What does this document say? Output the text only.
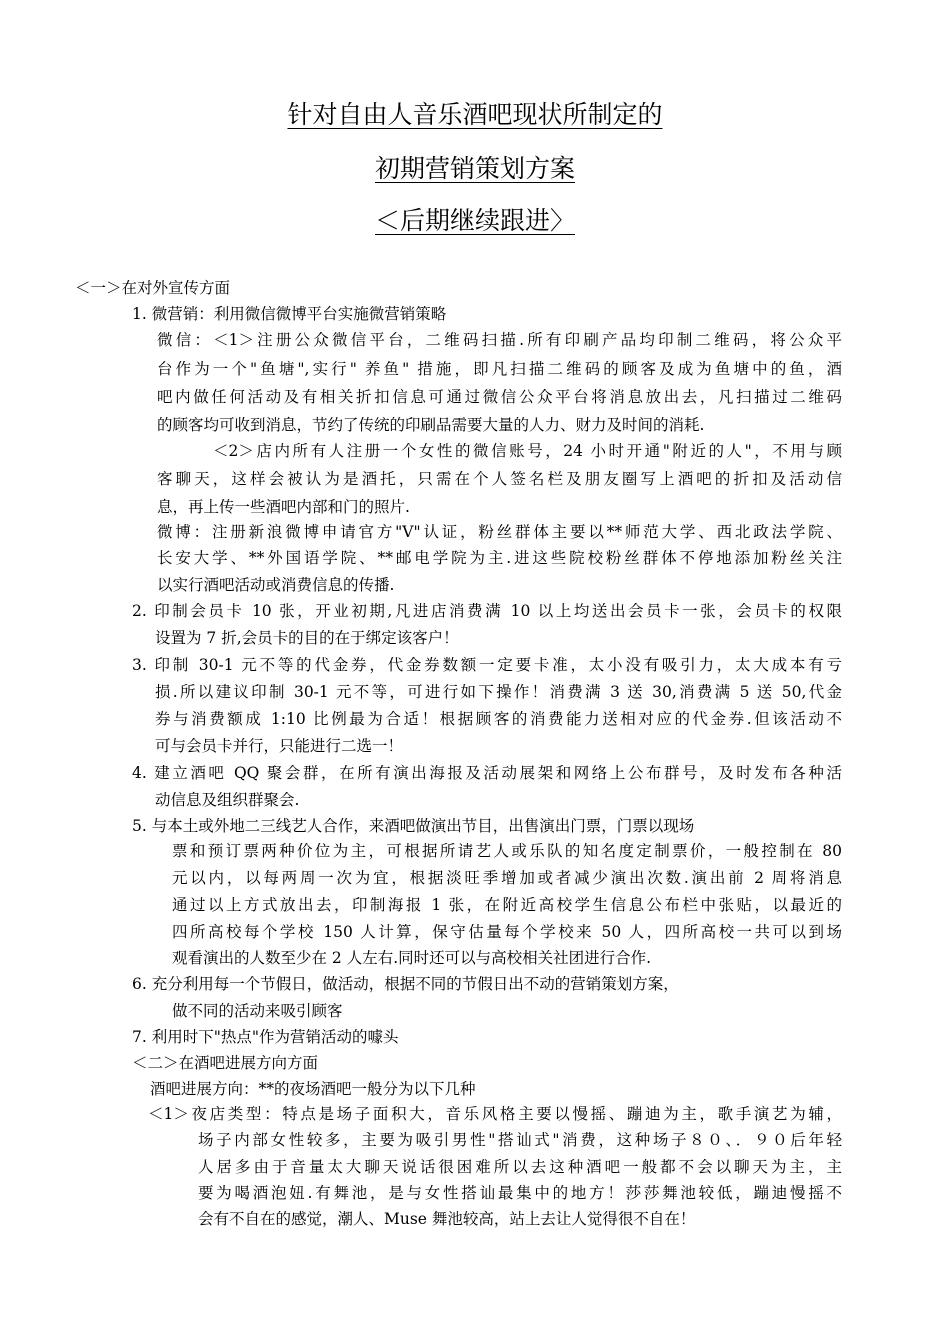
针对自由人音乐酒吧现状所制定的
初期营销策划方案
＜后期继续跟进〉
＜一＞在对外宣传方面
1. 微营销：利用微信微博平台实施微营销策略
微信：＜1＞注册公众微信平台，二维码扫描.所有印刷产品均印制二维码，将公众平
台作为一个"鱼塘",实行" 养鱼" 措施，即凡扫描二维码的顾客及成为鱼塘中的鱼，酒
吧内做任何活动及有相关折扣信息可通过微信公众平台将消息放出去，凡扫描过二维码
的顾客均可收到消息，节约了传统的印刷品需要大量的人力、财力及时间的消耗.
＜2＞店内所有人注册一个女性的微信账号，24 小时开通"附近的人"，不用与顾
客聊天，这样会被认为是酒托，只需在个人签名栏及朋友圈写上酒吧的折扣及活动信
息，再上传一些酒吧内部和门的照片.
微博：注册新浪微博申请官方"V"认证，粉丝群体主要以**师范大学、西北政法学院、
长安大学、**外国语学院、**邮电学院为主.进这些院校粉丝群体不停地添加粉丝关注
以实行酒吧活动或消费信息的传播.
2. 印制会员卡 10 张，开业初期,凡进店消费满 10 以上均送出会员卡一张，会员卡的权限
设置为 7 折,会员卡的目的在于绑定该客户！
3. 印制 30-1 元不等的代金券，代金券数额一定要卡准，太小没有吸引力，太大成本有亏
损.所以建议印制 30-1 元不等，可进行如下操作！消费满 3 送 30,消费满 5 送 50,代金
券与消费额成 1:10 比例最为合适！根据顾客的消费能力送相对应的代金券.但该活动不
可与会员卡并行，只能进行二选一！
4. 建立酒吧 QQ 聚会群，在所有演出海报及活动展架和网络上公布群号，及时发布各种活
动信息及组织群聚会.
5. 与本土或外地二三线艺人合作，来酒吧做演出节目，出售演出门票，门票以现场
票和预订票两种价位为主，可根据所请艺人或乐队的知名度定制票价，一般控制在 80
元以内，以每两周一次为宜，根据淡旺季增加或者减少演出次数.演出前 2 周将消息
通过以上方式放出去，印制海报 1 张，在附近高校学生信息公布栏中张贴，以最近的
四所高校每个学校 150 人计算，保守估量每个学校来 50 人，四所高校一共可以到场
观看演出的人数至少在 2 人左右.同时还可以与高校相关社团进行合作.
6. 充分利用每一个节假日，做活动，根据不同的节假日出不动的营销策划方案，
做不同的活动来吸引顾客
7. 利用时下"热点"作为营销活动的噱头
＜二＞在酒吧进展方向方面
酒吧进展方向：**的夜场酒吧一般分为以下几种
＜1＞夜店类型：特点是场子面积大，音乐风格主要以慢摇、蹦迪为主，歌手演艺为辅，
场子内部女性较多，主要为吸引男性"搭讪式"消费，这种场子８０、．９０后年轻
人居多由于音量太大聊天说话很困难所以去这种酒吧一般都不会以聊天为主，主
要为喝酒泡妞.有舞池，是与女性搭讪最集中的地方！莎莎舞池较低，蹦迪慢摇不
会有不自在的感觉，潮人、Muse 舞池较高，站上去让人觉得很不自在！
